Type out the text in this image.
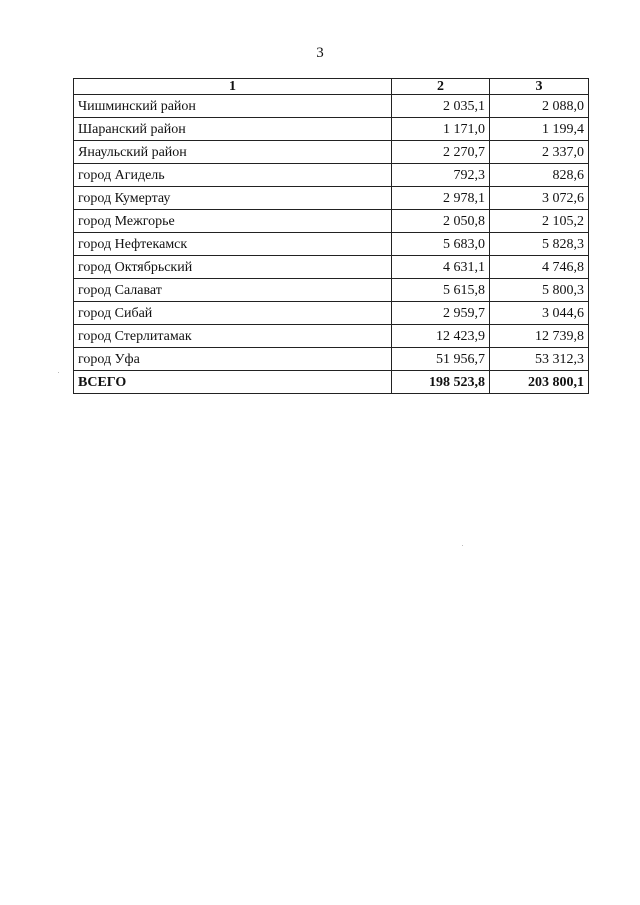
3
1	2	3
Чишминский район	2 035,1	2 088,0
Шаранский район	1 171,0	1 199,4
Янаульский район	2 270,7	2 337,0
город Агидель	792,3	828,6
город Кумертау	2 978,1	3 072,6
город Межгорье	2 050,8	2 105,2
город Нефтекамск	5 683,0	5 828,3
город Октябрьский	4 631,1	4 746,8
город Салават	5 615,8	5 800,3
город Сибай	2 959,7	3 044,6
город Стерлитамак	12 423,9	12 739,8
город Уфа	51 956,7	53 312,3
ВСЕГО	198 523,8	203 800,1
